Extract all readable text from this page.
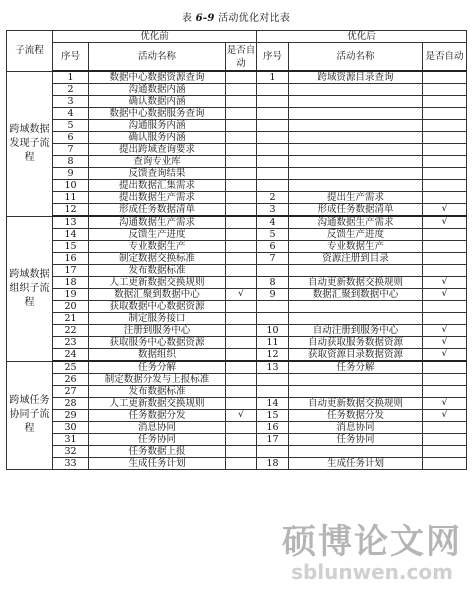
表 6-9 活动优化对比表
子流程	优化前			优化后		
	序号	活动名称	是否自动	序号	活动名称	是否自动
跨域数据发现子流程	1	数据中心数据资源查询		1	跨域资源目录查询	
	2	沟通数据内涵				
	3	确认数据内涵				
	4	数据中心数据服务查询				
	5	沟通服务内涵				
	6	确认服务内涵				
	7	提出跨域查询要求				
	8	查询专业库				
	9	反馈查询结果				
	10	提出数据汇集需求				
	11	提出数据生产需求		2	提出生产需求	
	12	形成任务数据清单		3	形成任务数据清单	√
跨域数据组织子流程	13	沟通数据生产需求		4	沟通数据生产需求	√
	14	反馈生产进度		5	反馈生产进度	
	15	专业数据生产		6	专业数据生产	
	16	制定数据交换标准		7	资源注册到目录	
	17	发布数据标准				
	18	人工更新数据交换规则		8	自动更新数据交换规则	√
	19	数据汇聚到数据中心	√	9	数据汇聚到数据中心	√
	20	获取数据中心数据资源				
	21	制定服务接口				
	22	注册到服务中心		10	自动注册到服务中心	√
	23	获取服务中心数据资源		11	自动获取服务数据资源	√
	24	数据组织		12	获取资源目录数据资源	√
跨域任务协同子流程	25	任务分解		13	任务分解	
	26	制定数据分发与上报标准				
	27	发布数据标准				
	28	人工更新数据交换规则		14	自动更新数据交换规则	√
	29	任务数据分发	√	15	任务数据分发	√
	30	消息协同		16	消息协同	
	31	任务协同		17	任务协同	
	32	任务数据上报				
	33	生成任务计划		18	生成任务计划	
硕博论文网
sblunwen.com
